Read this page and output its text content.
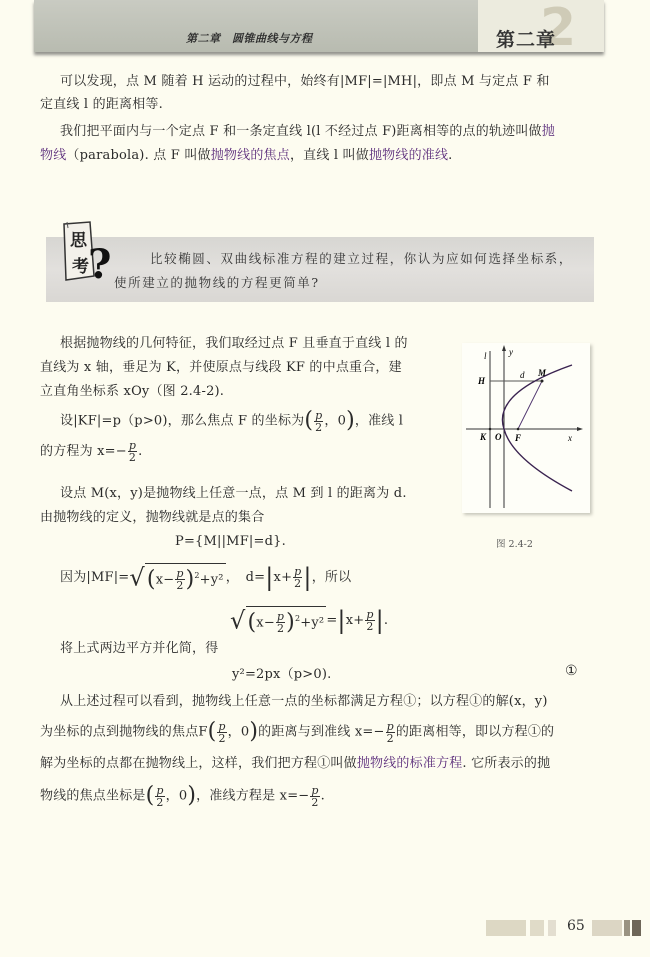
第二章　圆锥曲线与方程	2
第二章
可以发现，点 M 随着 H 运动的过程中，始终有|MF|=|MH|，即点 M 与定点 F 和
定直线 l 的距离相等.
我们把平面内与一个定点 F 和一条定直线 l(l 不经过点 F)距离相等的点的轨迹叫做抛
物线（parabola). 点 F 叫做抛物线的焦点，直线 l 叫做抛物线的准线.
思
考 ?	比较椭圆、双曲线标准方程的建立过程，你认为应如何选择坐标系，
使所建立的抛物线的方程更简单?
根据抛物线的几何特征，我们取经过点 F 且垂直于直线 l 的
直线为 x 轴，垂足为 K，并使原点与线段 KF 的中点重合，建
立直角坐标系 xOy（图 2.4-2).
设|KF|=p（p>0)，那么焦点 F 的坐标为( $\frac{p}{2}$ ，0)，准线 l
的方程为 $x=- \frac{p}{2}$ .
设点 M(x，y)是抛物线上任意一点，点 M 到 l 的距离为 d.
由抛物线的定义，抛物线就是点的集合
P={M||MF|=d}.
因为$|MF|=√(x- \frac{p}{2} )^2+y^2$ ，　$d=|x+ \frac{p}{2}$ |，所以
$√(x- \frac{p}{2} )^2+y^2 =|x+ \frac{p}{2}$ |.
将上式两边平方并化简，得
y²=2px（p>0).	①
从上述过程可以看到，抛物线上任意一点的坐标都满足方程①；以方程①的解(x，y)
为坐标的点到抛物线的焦点$F( \frac{p}{2}$ ，0)的距离与到准线 $x=- \frac{p}{2}$ 的距离相等，即以方程①的
解为坐标的点都在抛物线上，这样，我们把方程①叫做抛物线的标准方程. 它所表示的抛
物线的焦点坐标是( $\frac{p}{2}$ ，0)，准线方程是 $x=- \frac{p}{2}$ .
l y
H
d M
K O F	x
图 2.4-2
65
